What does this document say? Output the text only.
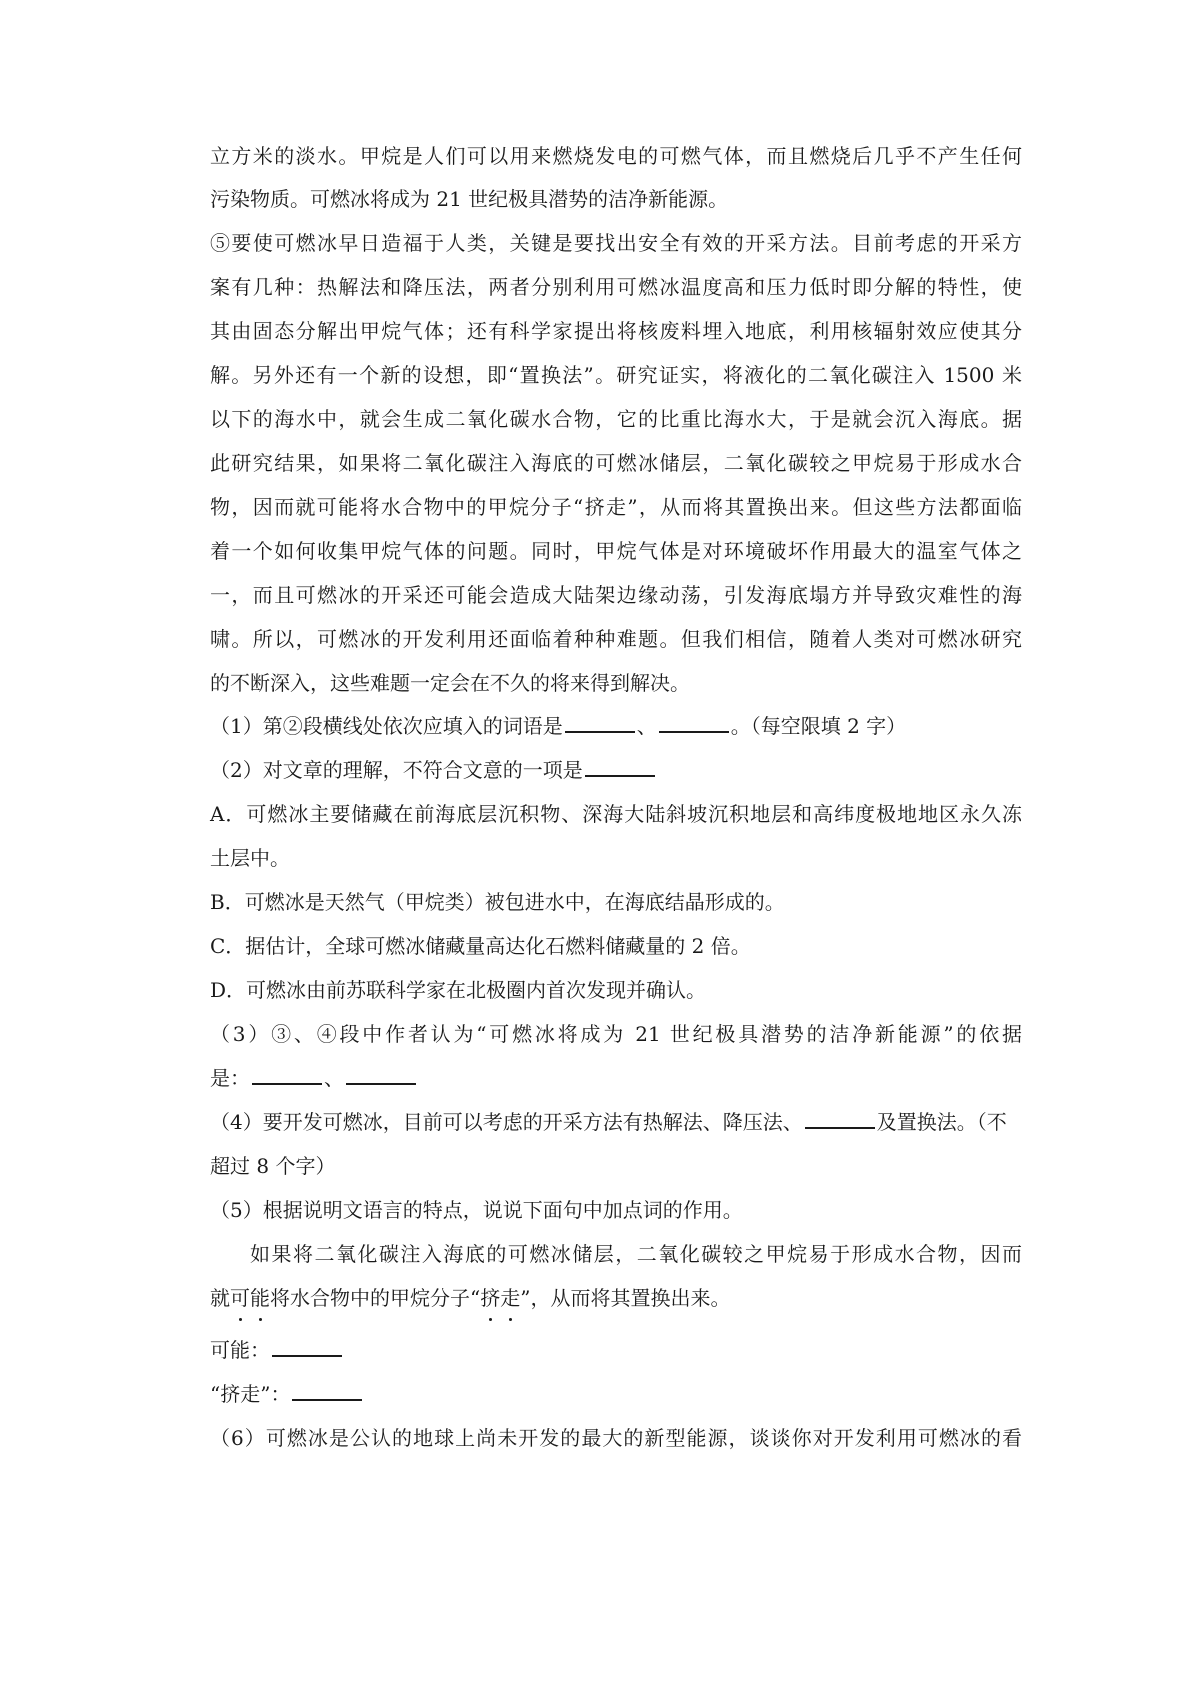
立方米的淡水。甲烷是人们可以用来燃烧发电的可燃气体，而且燃烧后几乎不产生任何
污染物质。可燃冰将成为 21 世纪极具潜势的洁净新能源。
⑤要使可燃冰早日造福于人类，关键是要找出安全有效的开采方法。目前考虑的开采方
案有几种：热解法和降压法，两者分别利用可燃冰温度高和压力低时即分解的特性，使
其由固态分解出甲烷气体；还有科学家提出将核废料埋入地底，利用核辐射效应使其分
解。另外还有一个新的设想，即“置换法”。研究证实，将液化的二氧化碳注入 1500 米
以下的海水中，就会生成二氧化碳水合物，它的比重比海水大，于是就会沉入海底。据
此研究结果，如果将二氧化碳注入海底的可燃冰储层，二氧化碳较之甲烷易于形成水合
物，因而就可能将水合物中的甲烷分子“挤走”，从而将其置换出来。但这些方法都面临
着一个如何收集甲烷气体的问题。同时，甲烷气体是对环境破坏作用最大的温室气体之
一，而且可燃冰的开采还可能会造成大陆架边缘动荡，引发海底塌方并导致灾难性的海
啸。所以，可燃冰的开发利用还面临着种种难题。但我们相信，随着人类对可燃冰研究
的不断深入，这些难题一定会在不久的将来得到解决。
（1）第②段横线处依次应填入的词语是	、	。（每空限填 2 字）
（2）对文章的理解，不符合文意的一项是
A．可燃冰主要储藏在前海底层沉积物、深海大陆斜坡沉积地层和高纬度极地地区永久冻
土层中。
B．可燃冰是天然气（甲烷类）被包进水中，在海底结晶形成的。
C．据估计，全球可燃冰储藏量高达化石燃料储藏量的 2 倍。
D．可燃冰由前苏联科学家在北极圈内首次发现并确认。
（3）③、④段中作者认为“可燃冰将成为 21 世纪极具潜势的洁净新能源”的依据
是：	、
（4）要开发可燃冰，目前可以考虑的开采方法有热解法、降压法、	及置换法。（不
超过 8 个字）
（5）根据说明文语言的特点，说说下面句中加点词的作用。
如果将二氧化碳注入海底的可燃冰储层，二氧化碳较之甲烷易于形成水合物，因而
就可能将水合物中的甲烷分子“挤走”，从而将其置换出来。
可能：
“挤走”：
（6）可燃冰是公认的地球上尚未开发的最大的新型能源，谈谈你对开发利用可燃冰的看
